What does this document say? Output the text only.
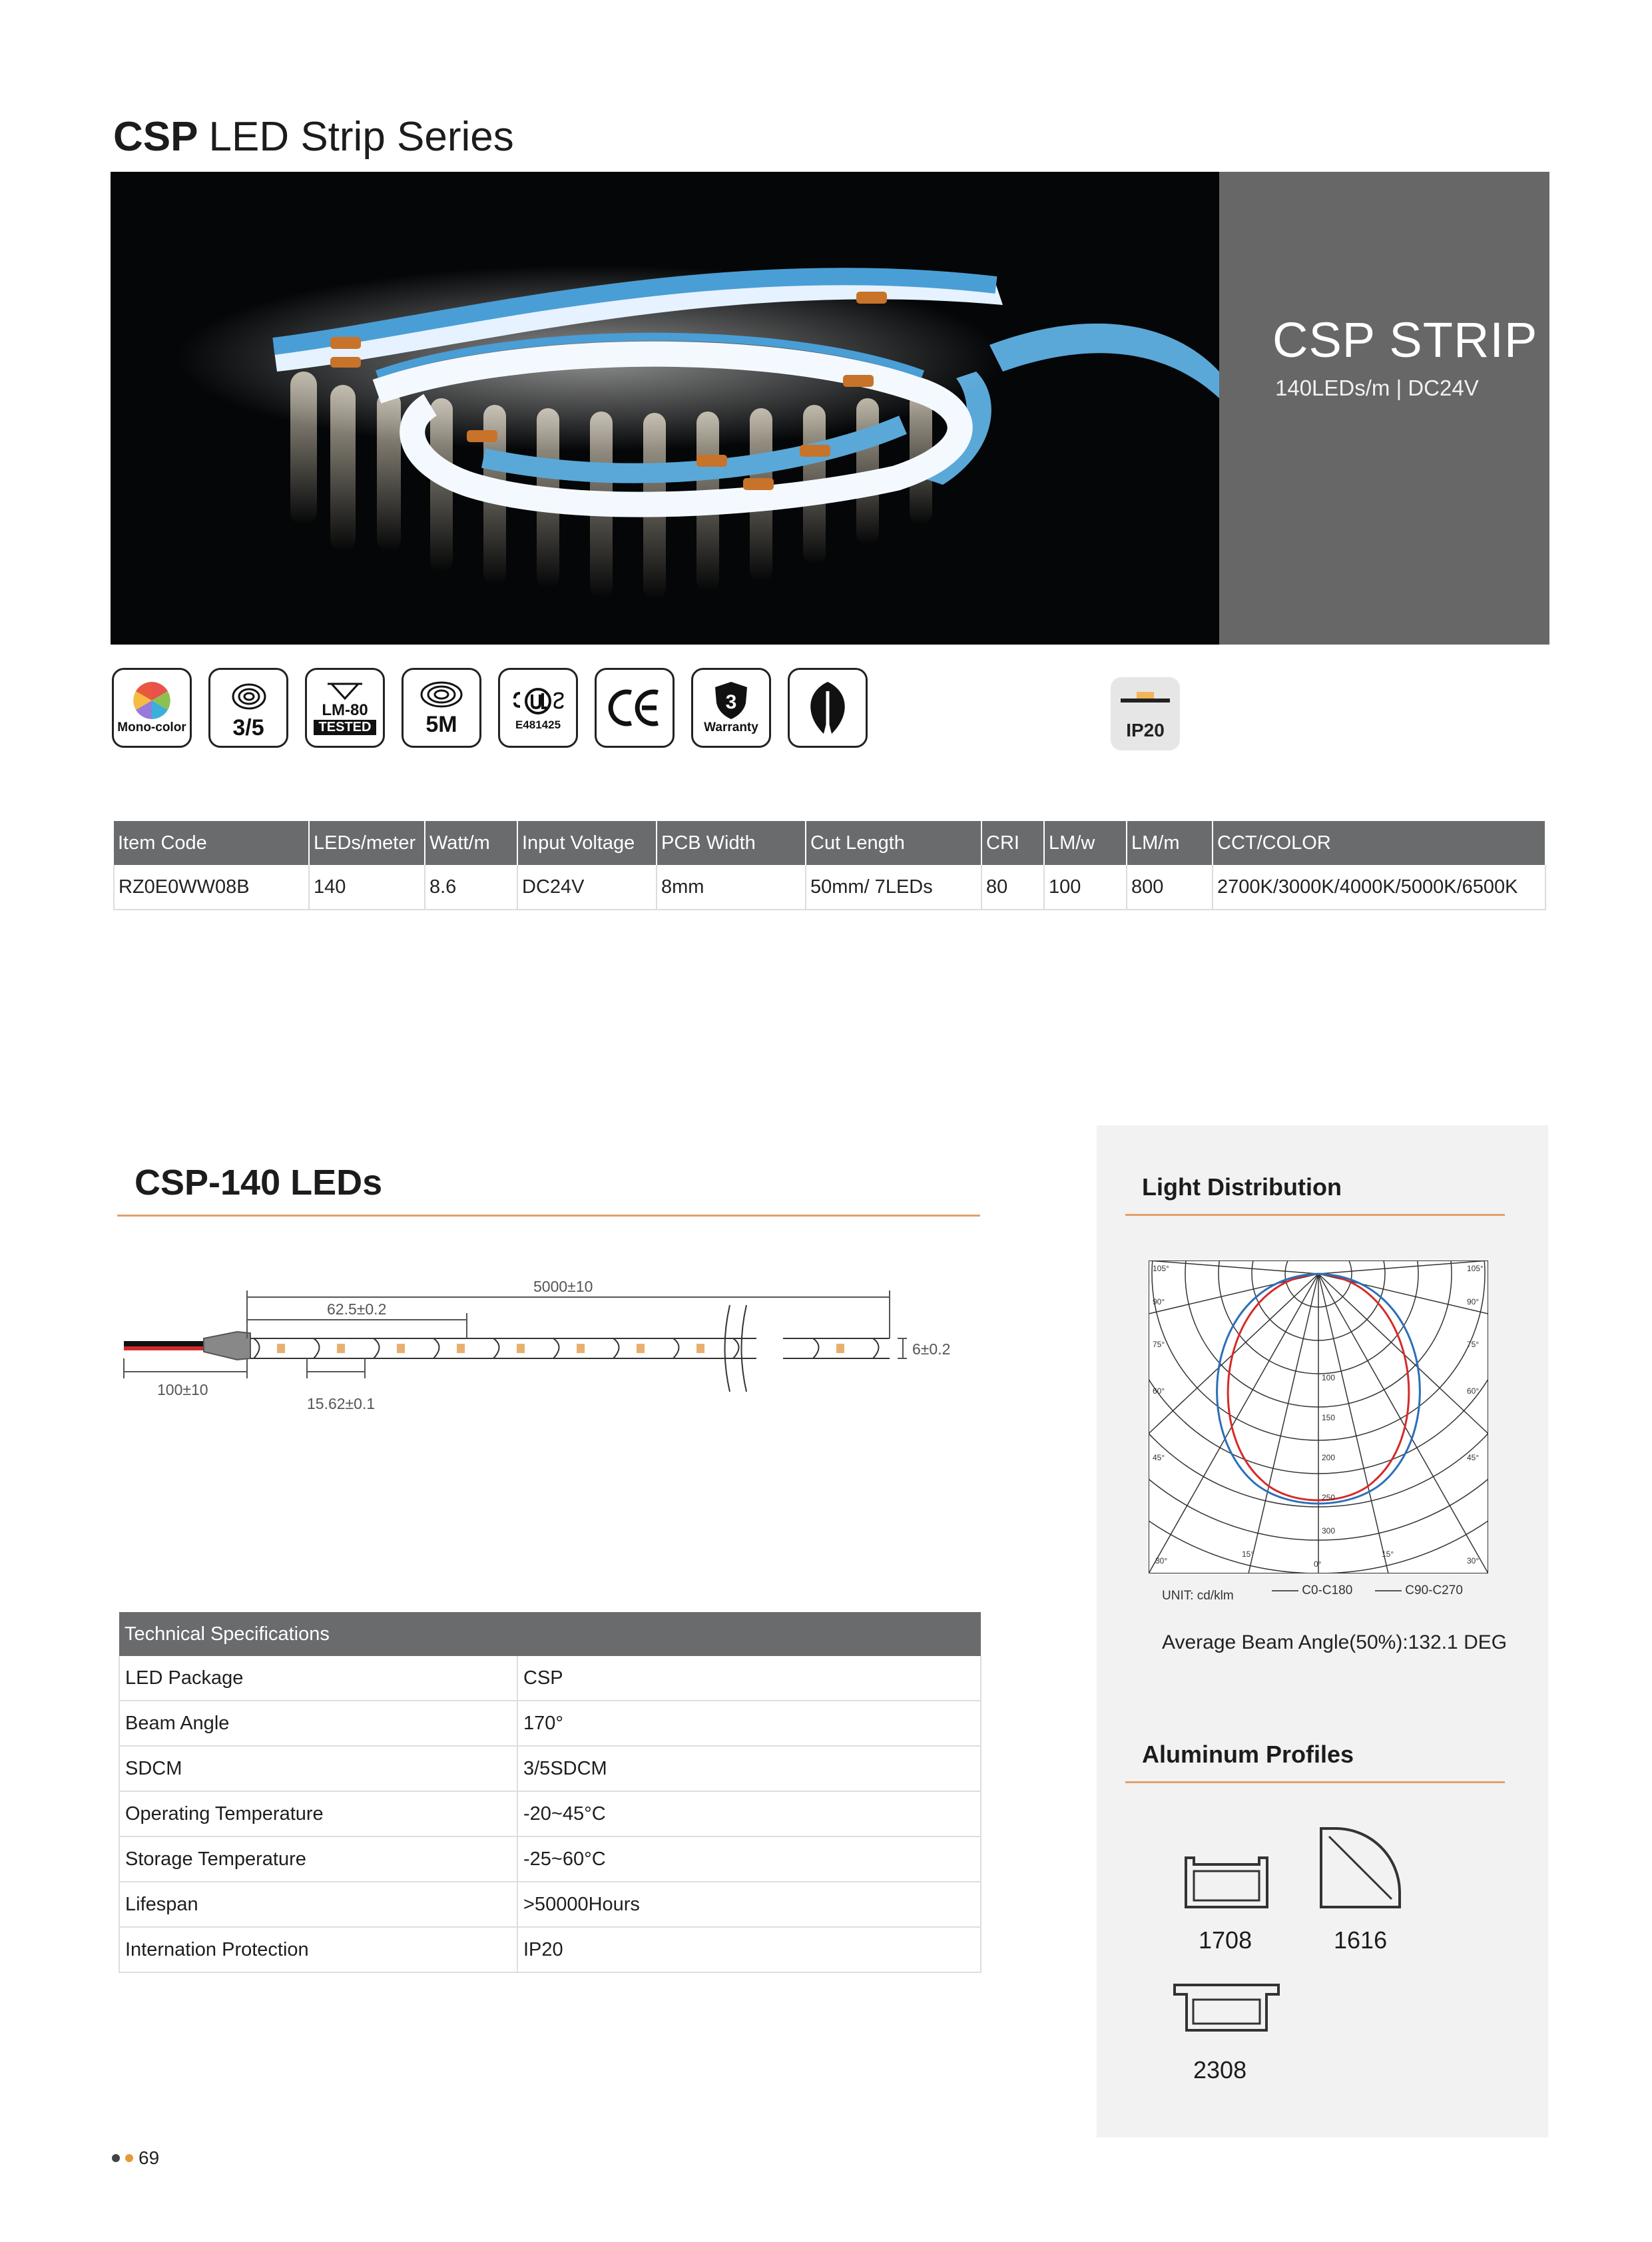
CSP LED Strip Series
CSP STRIP
140LEDs/m | DC24V
Mono-color 3/5
LM-80
TESTED 5M	E481425
3
Warranty	IP20
Item Code	LEDs/meter	Watt/m	Input Voltage	PCB Width	Cut Length	CRI	LM/w	LM/m	CCT/COLOR
RZ0E0WW08B	140	8.6	DC24V	8mm	50mm/ 7LEDs	80	100	800	2700K/3000K/4000K/5000K/6500K
CSP-140 LEDs
5000±10
62.5±0.2
6±0.2
100±10
15.62±0.1
Technical Specifications	
LED Package	CSP
Beam Angle	170°
SDCM	3/5SDCM
Operating Temperature	-20~45°C
Storage Temperature	-25~60°C
Lifespan	>50000Hours
Internation Protection	IP20
Light Distribution
105°	105°
90°	90°
75°	75°
60°	60°
45°	45°
30°	30°
15°	15°
0°
100
150
200
250
300
UNIT: cd/klm	C0-C180	C90-C270
Average Beam Angle(50%):132.1 DEG
Aluminum Profiles
1708	1616
2308
69
